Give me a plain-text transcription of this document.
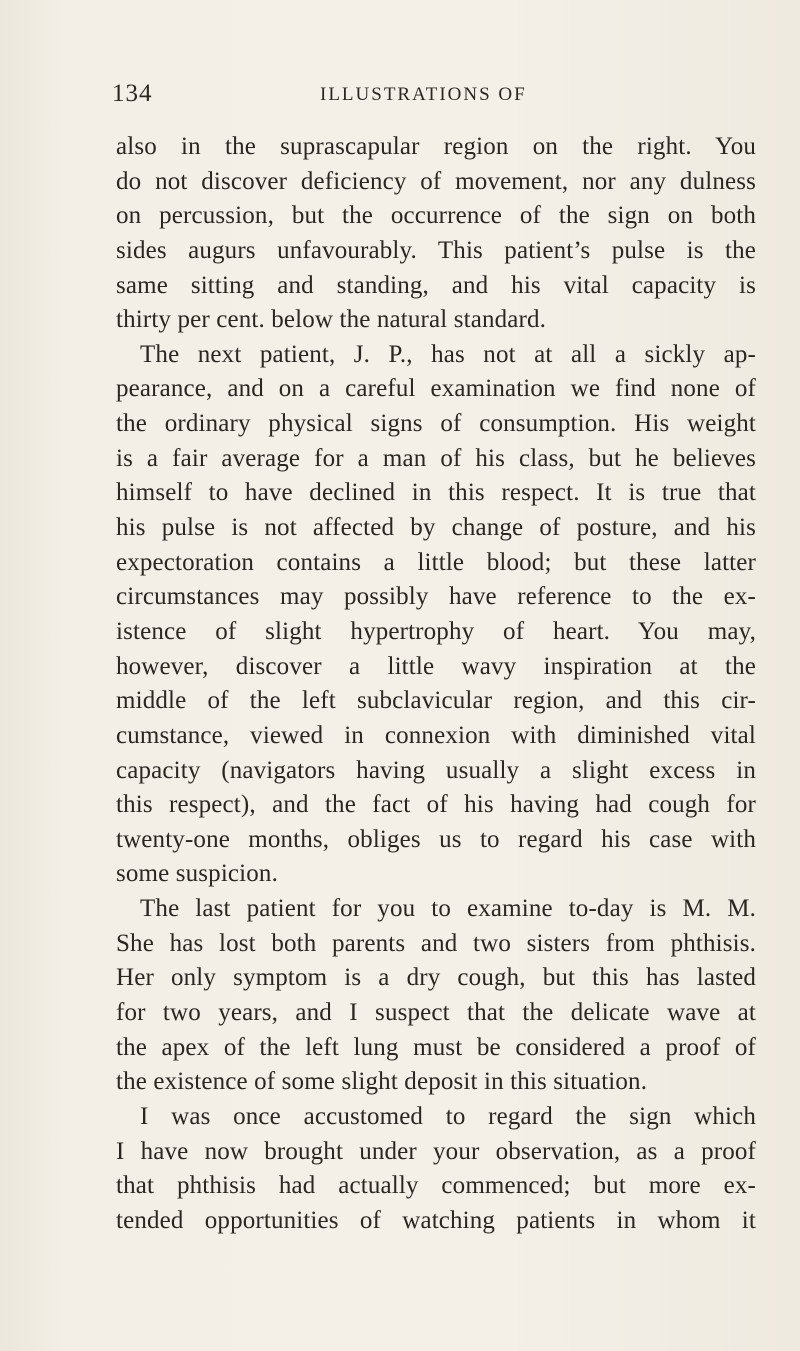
134	ILLUSTRATIONS OF
also in the suprascapular region on the right. You
do not discover deficiency of movement, nor any dulness
on percussion, but the occurrence of the sign on both
sides augurs unfavourably. This patient’s pulse is the
same sitting and standing, and his vital capacity is
thirty per cent. below the natural standard.
The next patient, J. P., has not at all a sickly ap-
pearance, and on a careful examination we find none of
the ordinary physical signs of consumption. His weight
is a fair average for a man of his class, but he believes
himself to have declined in this respect. It is true that
his pulse is not affected by change of posture, and his
expectoration contains a little blood; but these latter
circumstances may possibly have reference to the ex-
istence of slight hypertrophy of heart. You may,
however, discover a little wavy inspiration at the
middle of the left subclavicular region, and this cir-
cumstance, viewed in connexion with diminished vital
capacity (navigators having usually a slight excess in
this respect), and the fact of his having had cough for
twenty-one months, obliges us to regard his case with
some suspicion.
The last patient for you to examine to-day is M. M.
She has lost both parents and two sisters from phthisis.
Her only symptom is a dry cough, but this has lasted
for two years, and I suspect that the delicate wave at
the apex of the left lung must be considered a proof of
the existence of some slight deposit in this situation.
I was once accustomed to regard the sign which
I have now brought under your observation, as a proof
that phthisis had actually commenced; but more ex-
tended opportunities of watching patients in whom it
